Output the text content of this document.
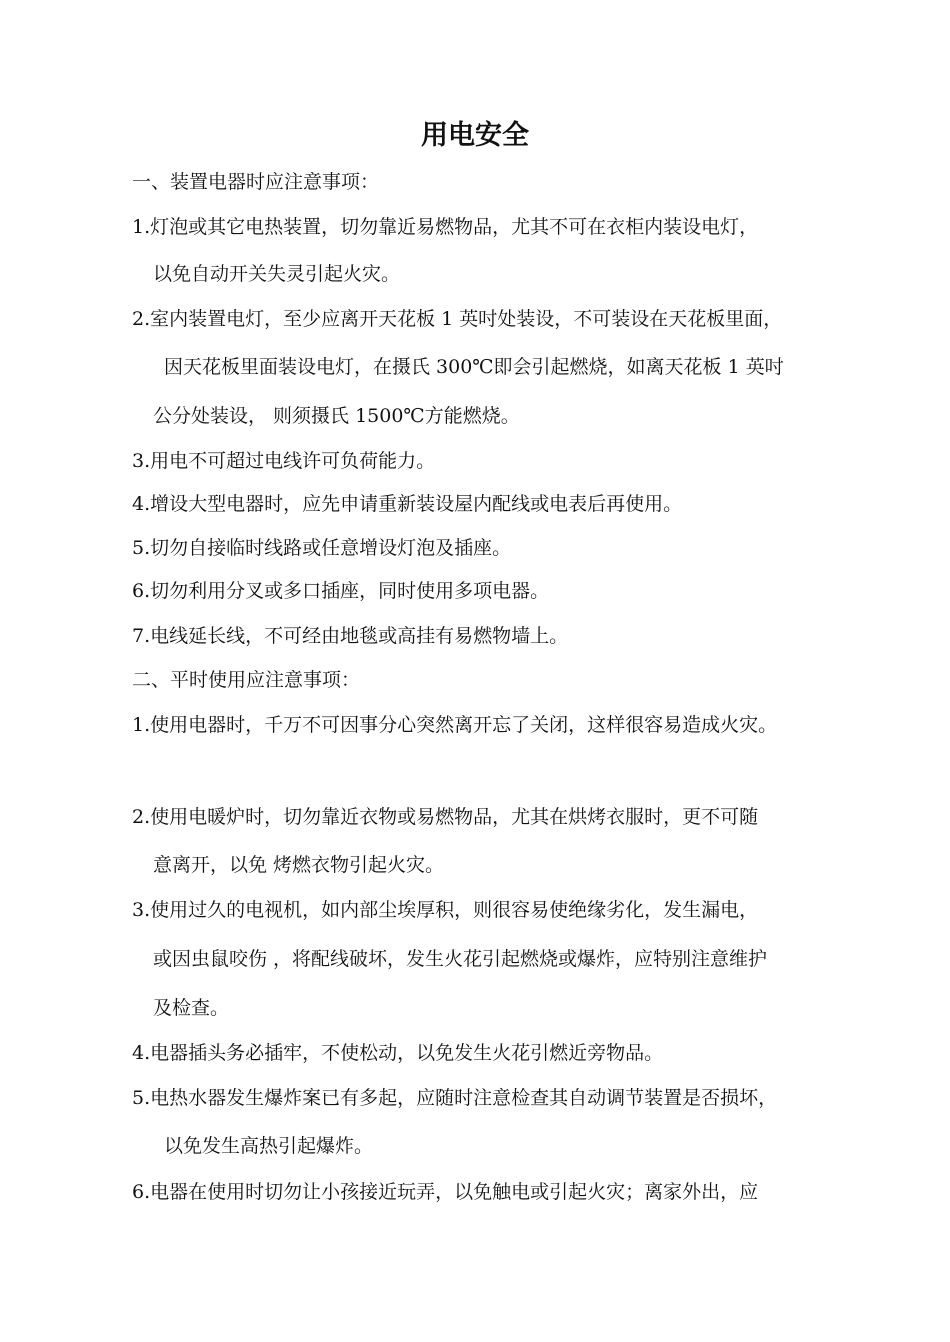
用电安全
一、装置电器时应注意事项：
1.灯泡或其它电热装置，切勿靠近易燃物品，尤其不可在衣柜内装设电灯，
以免自动开关失灵引起火灾。
2.室内装置电灯，至少应离开天花板 1 英吋处装设，不可装设在天花板里面，
因天花板里面装设电灯，在摄氏 300℃即会引起燃烧，如离天花板 1 英吋
公分处装设， 则须摄氏 1500℃方能燃烧。
3.用电不可超过电线许可负荷能力。
4.增设大型电器时，应先申请重新装设屋内配线或电表后再使用。
5.切勿自接临时线路或任意增设灯泡及插座。
6.切勿利用分叉或多口插座，同时使用多项电器。
7.电线延长线，不可经由地毯或高挂有易燃物墙上。
二、平时使用应注意事项：
1.使用电器时，千万不可因事分心突然离开忘了关闭，这样很容易造成火灾。
2.使用电暖炉时，切勿靠近衣物或易燃物品，尤其在烘烤衣服时，更不可随
意离开，以免 烤燃衣物引起火灾。
3.使用过久的电视机，如内部尘埃厚积，则很容易使绝缘劣化，发生漏电，
或因虫鼠咬伤 ，将配线破坏，发生火花引起燃烧或爆炸，应特别注意维护
及检查。
4.电器插头务必插牢，不使松动，以免发生火花引燃近旁物品。
5.电热水器发生爆炸案已有多起，应随时注意检查其自动调节装置是否损坏，
以免发生高热引起爆炸。
6.电器在使用时切勿让小孩接近玩弄，以免触电或引起火灾；离家外出，应
